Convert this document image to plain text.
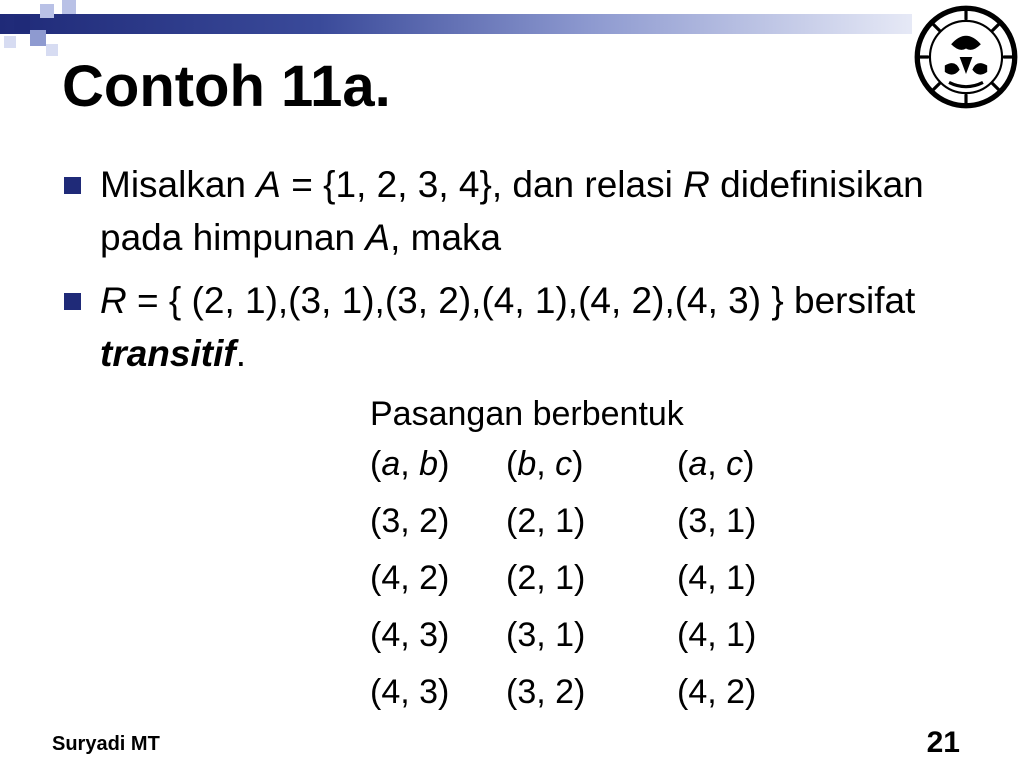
Contoh 11a.
Misalkan A = {1, 2, 3, 4}, dan relasi R didefinisikan pada himpunan A, maka
R = { (2, 1),(3, 1),(3, 2),(4, 1),(4, 2),(4, 3) } bersifat transitif.
Pasangan berbentuk
(a, b) (b, c)	(a, c)
(3, 2) (2, 1)	(3, 1)
(4, 2) (2, 1)	(4, 1)
(4, 3) (3, 1)	(4, 1)
(4, 3) (3, 2)	(4, 2)
Suryadi MT	21
